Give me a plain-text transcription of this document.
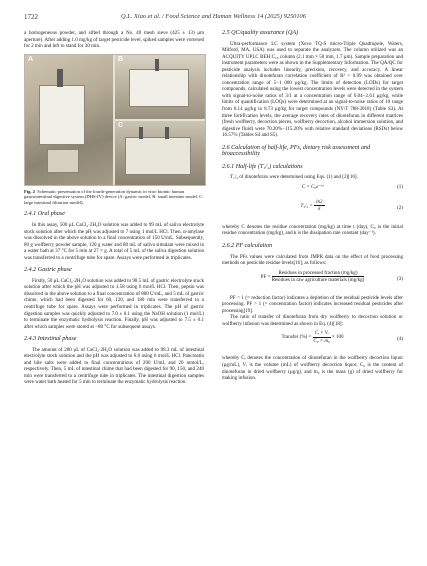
1722	Q.L. Xiao et al. / Food Science and Human Wellness 14 (2025) 9250106

a homogeneous powder, and sifted through a No. 40 mesh sieve (425 ± 13) μm aperture). After adding 1.0 mg/kg of target pesticide level, spiked samples were vortexed for 2 min and left to stand for 30 min.

A	B
C

Fig. 2 Schematic presentation of the fourth-generation dynamic in vitro biomic human gastrointestinal digestive system (DHS-IV) device (A: gastric model, B: small intestine model, C: large intestinal filtration model).

2.4.1 Oral phase

In this assay, 500 μL CaCl₂·2H₂O solution was added to 99 mL of saliva electrolyte stock solution after which the pH was adjusted to 7 using 1 mol/L HCl. Then, α-amylase was dissolved in the above solution to a final concentration of 150 U/mL. Subsequently, 80 g wolfberry powder sample, 120 g water and 80 mL of saliva simulant were mixed in a water bath at 37 °C for 5 min at 27 × g. A total of 5 mL of the saliva digestion solution was transferred to a centrifuge tube for spare. Assays were performed in triplicates.

2.4.2 Gastric phase

Firstly, 50 μL CaCl₂·2H₂O solution was added to 98.5 mL of gastric electrolyte stock solution after which the pH was adjusted to 1.58 using 6 mol/L HCl. Then, pepsin was dissolved in the above solution to a final concentration of 800 U/mL, and 5 mL of gastric chime, which had been digested for 60, 120, and 180 min were transferred to a centrifuge tube for spare. Assays were performed in triplicates. The pH of gastric digestion samples was quickly adjusted to 7.0 ± 0.1 using the NaOH solution (1 mol/L) to terminate the enzymatic hydrolysis reaction. Finally, pH was adjusted to 7.5 ± 0.1 after which samples were stored at −80 °C for subsequent assays.

2.4.3 Intestinal phase

The amount of 200 μL of CaCl₂·2H₂O solution was added to 98.3 mL of intestinal electrolyte stock solution and the pH was adjusted to 6.8 using 6 mol/L HCl. Pancreatin and bile salts were added to final concentrations of 200 U/mL and 20 mmol/L, respectively. Then, 5 mL of intestinal chime that had been digested for 90, 150, and 240 min were transferred to a centrifuge tube in triplicates. The intestinal digestion samples were water bath heated for 5 min to terminate the enzymatic hydrolysis reaction.

2.5 QC/quality assurance (QA)

Ultra-performance LC system (Xevo TQ-S micro-Triple Quadrupole, Waters, Milford, MA, USA) was used to separate the analyzers. The column utilized was an ACQUITY UPLC BEH C₁₈ column (2.1 mm × 50 mm, 1.7 μm). Sample preparation and instrument parameters were as shown in the Supplementary Information. The QA/QC for pesticide analysis includes linearity, precision, recovery, and accuracy. A linear relationship with dinotefuran correlation coefficient of R² > 0.99 was obtained over concentration range of 5−1 000 μg/kg. The limits of detection (LODs) for target compounds, calculated using the lowest concentration levels were detected in the system with signal-to-noise ratios of 3/1 at a concentration range of 0.04−2.61 μg/kg, while limits of quantification (LOQs) were determined at an signal-to-noise ratios of 10 range from 0.14 μg/kg to 8.73 μg/kg for target compounds (NY/T 788-2018) (Table S3). At three fortification levels, the average recovery rates of dinotefuran in different matrices (fresh wolfberry, decoction pieces, wolfberry decoction, alcohol immersion solution, and digestive fluid) were 70.20%−115.20% with relative standard deviations (RSDs) below 16.57% (Tables S4 and S5).

2.6 Calculation of half-life, PFs, dietary risk assessment and bioaccessibility
2.6.1 Half-life (T₁/₂) calculations

T₁/₂ of dinotefuran were determined using Eqs. (1) and (2)[16].

C = C₀e⁻ᵏᵗ	(1)
$T_1/_2 = \frac{\ln 2}{k}$	(2)

whereby C denotes the residue concentration (mg/kg) at time t (day), C₀ is the initial residue concentration (mg/kg), and k is the dissipation rate constant (day⁻¹).

2.6.2 PF calculation

The PFs values were calculated from JMPR data on the effect of food processing methods on pesticide residue levels[16], as follows:

PF = $\frac{\text{Residues in processed fraction (mg/kg)}}{\text{Residues in raw agriculture materials (mg/kg)}}$	(3)

PF < 1 (= reduction factor) indicates a depletion of the residual pesticide levels after processing. PF > 1 (= concentration factor) indicates increased residual pesticides after processing[19].

The ratio of transfer of dinotefuran from dry wolfberry to decoction solution or wolfberry infusion was determined as shown in Eq. (4)[18]:

Transfer (%) = $\frac{\text{Cᵢ × Vᵢ}}{\text{C₀ × m₀}} \times 100$	(4)

whereby Cᵢ denotes the concentration of dinotefuran in the wolfberry decoction liquor (μg/mL), Vᵢ is the volume (mL) of wolfberry decoction liquor, C₀ is the content of dinotefuran in dried wolfberry (μg/g), and m₀ is the mass (g) of dried wolfberry for making infusion.
